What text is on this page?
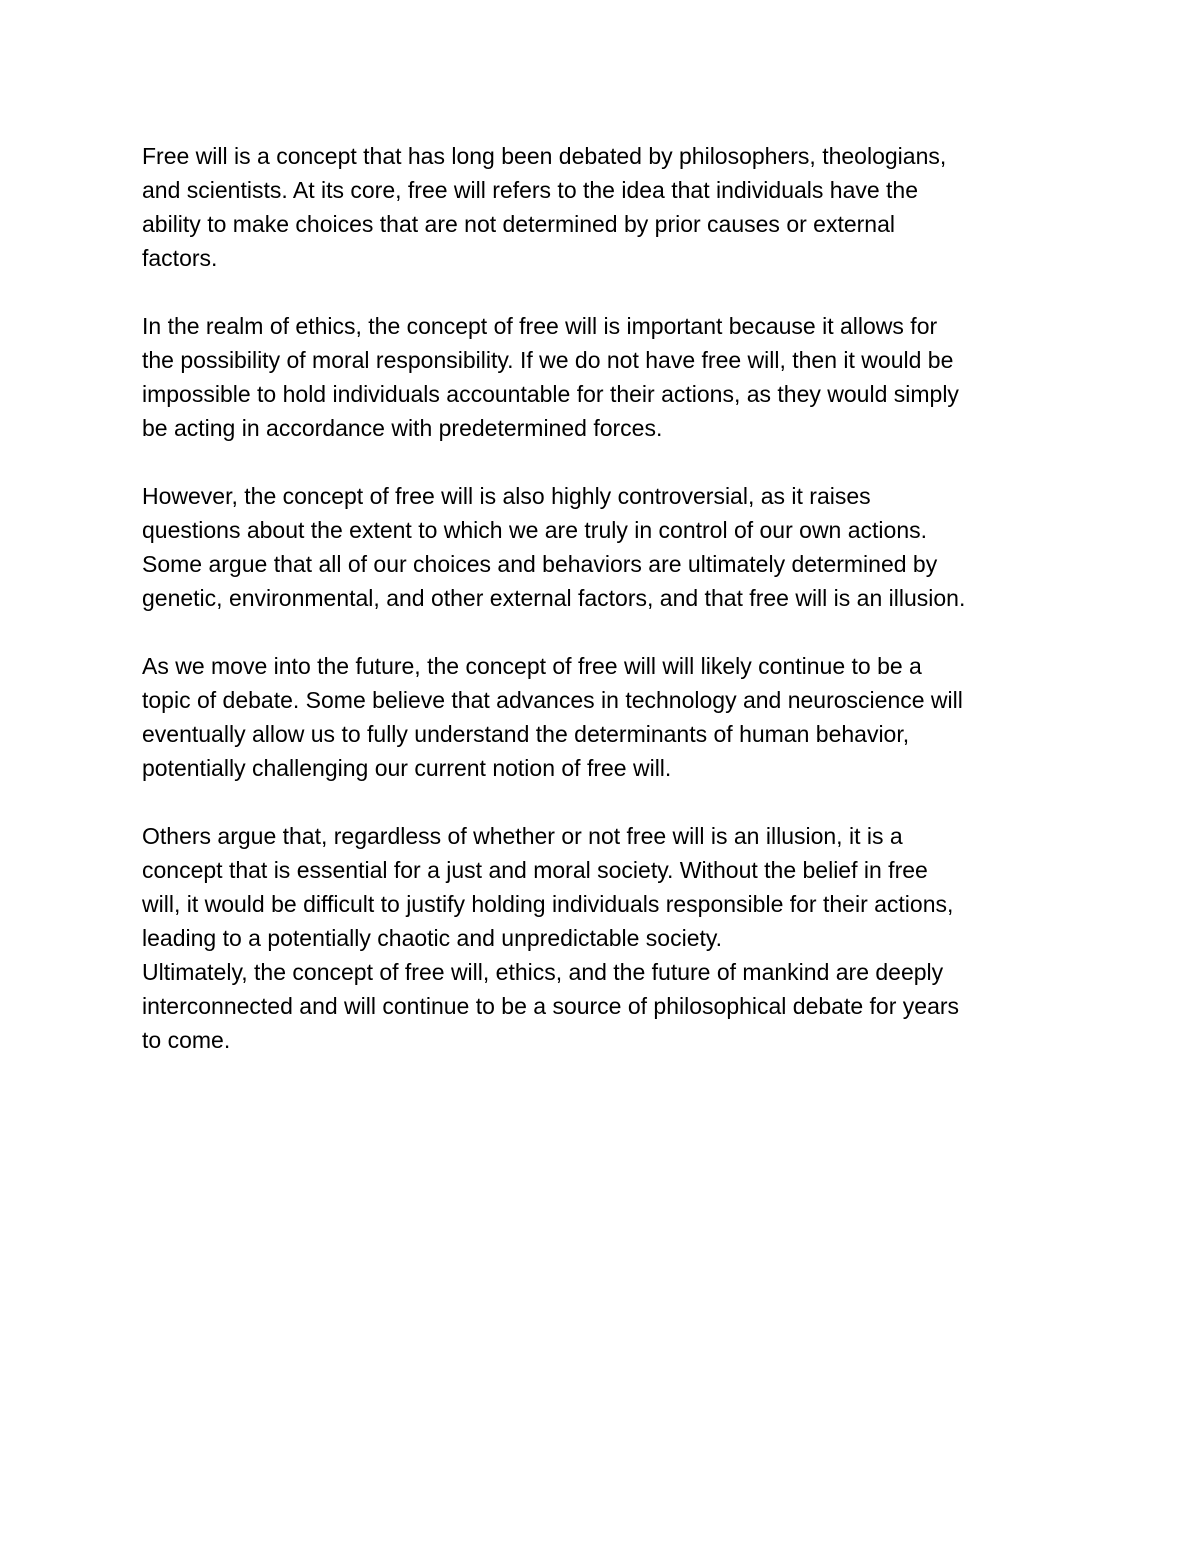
Free will is a concept that has long been debated by philosophers, theologians,
and scientists. At its core, free will refers to the idea that individuals have the
ability to make choices that are not determined by prior causes or external
factors.

In the realm of ethics, the concept of free will is important because it allows for
the possibility of moral responsibility. If we do not have free will, then it would be
impossible to hold individuals accountable for their actions, as they would simply
be acting in accordance with predetermined forces.

However, the concept of free will is also highly controversial, as it raises
questions about the extent to which we are truly in control of our own actions.
Some argue that all of our choices and behaviors are ultimately determined by
genetic, environmental, and other external factors, and that free will is an illusion.

As we move into the future, the concept of free will will likely continue to be a
topic of debate. Some believe that advances in technology and neuroscience will
eventually allow us to fully understand the determinants of human behavior,
potentially challenging our current notion of free will.

Others argue that, regardless of whether or not free will is an illusion, it is a
concept that is essential for a just and moral society. Without the belief in free
will, it would be difficult to justify holding individuals responsible for their actions,
leading to a potentially chaotic and unpredictable society.

Ultimately, the concept of free will, ethics, and the future of mankind are deeply
interconnected and will continue to be a source of philosophical debate for years
to come.
